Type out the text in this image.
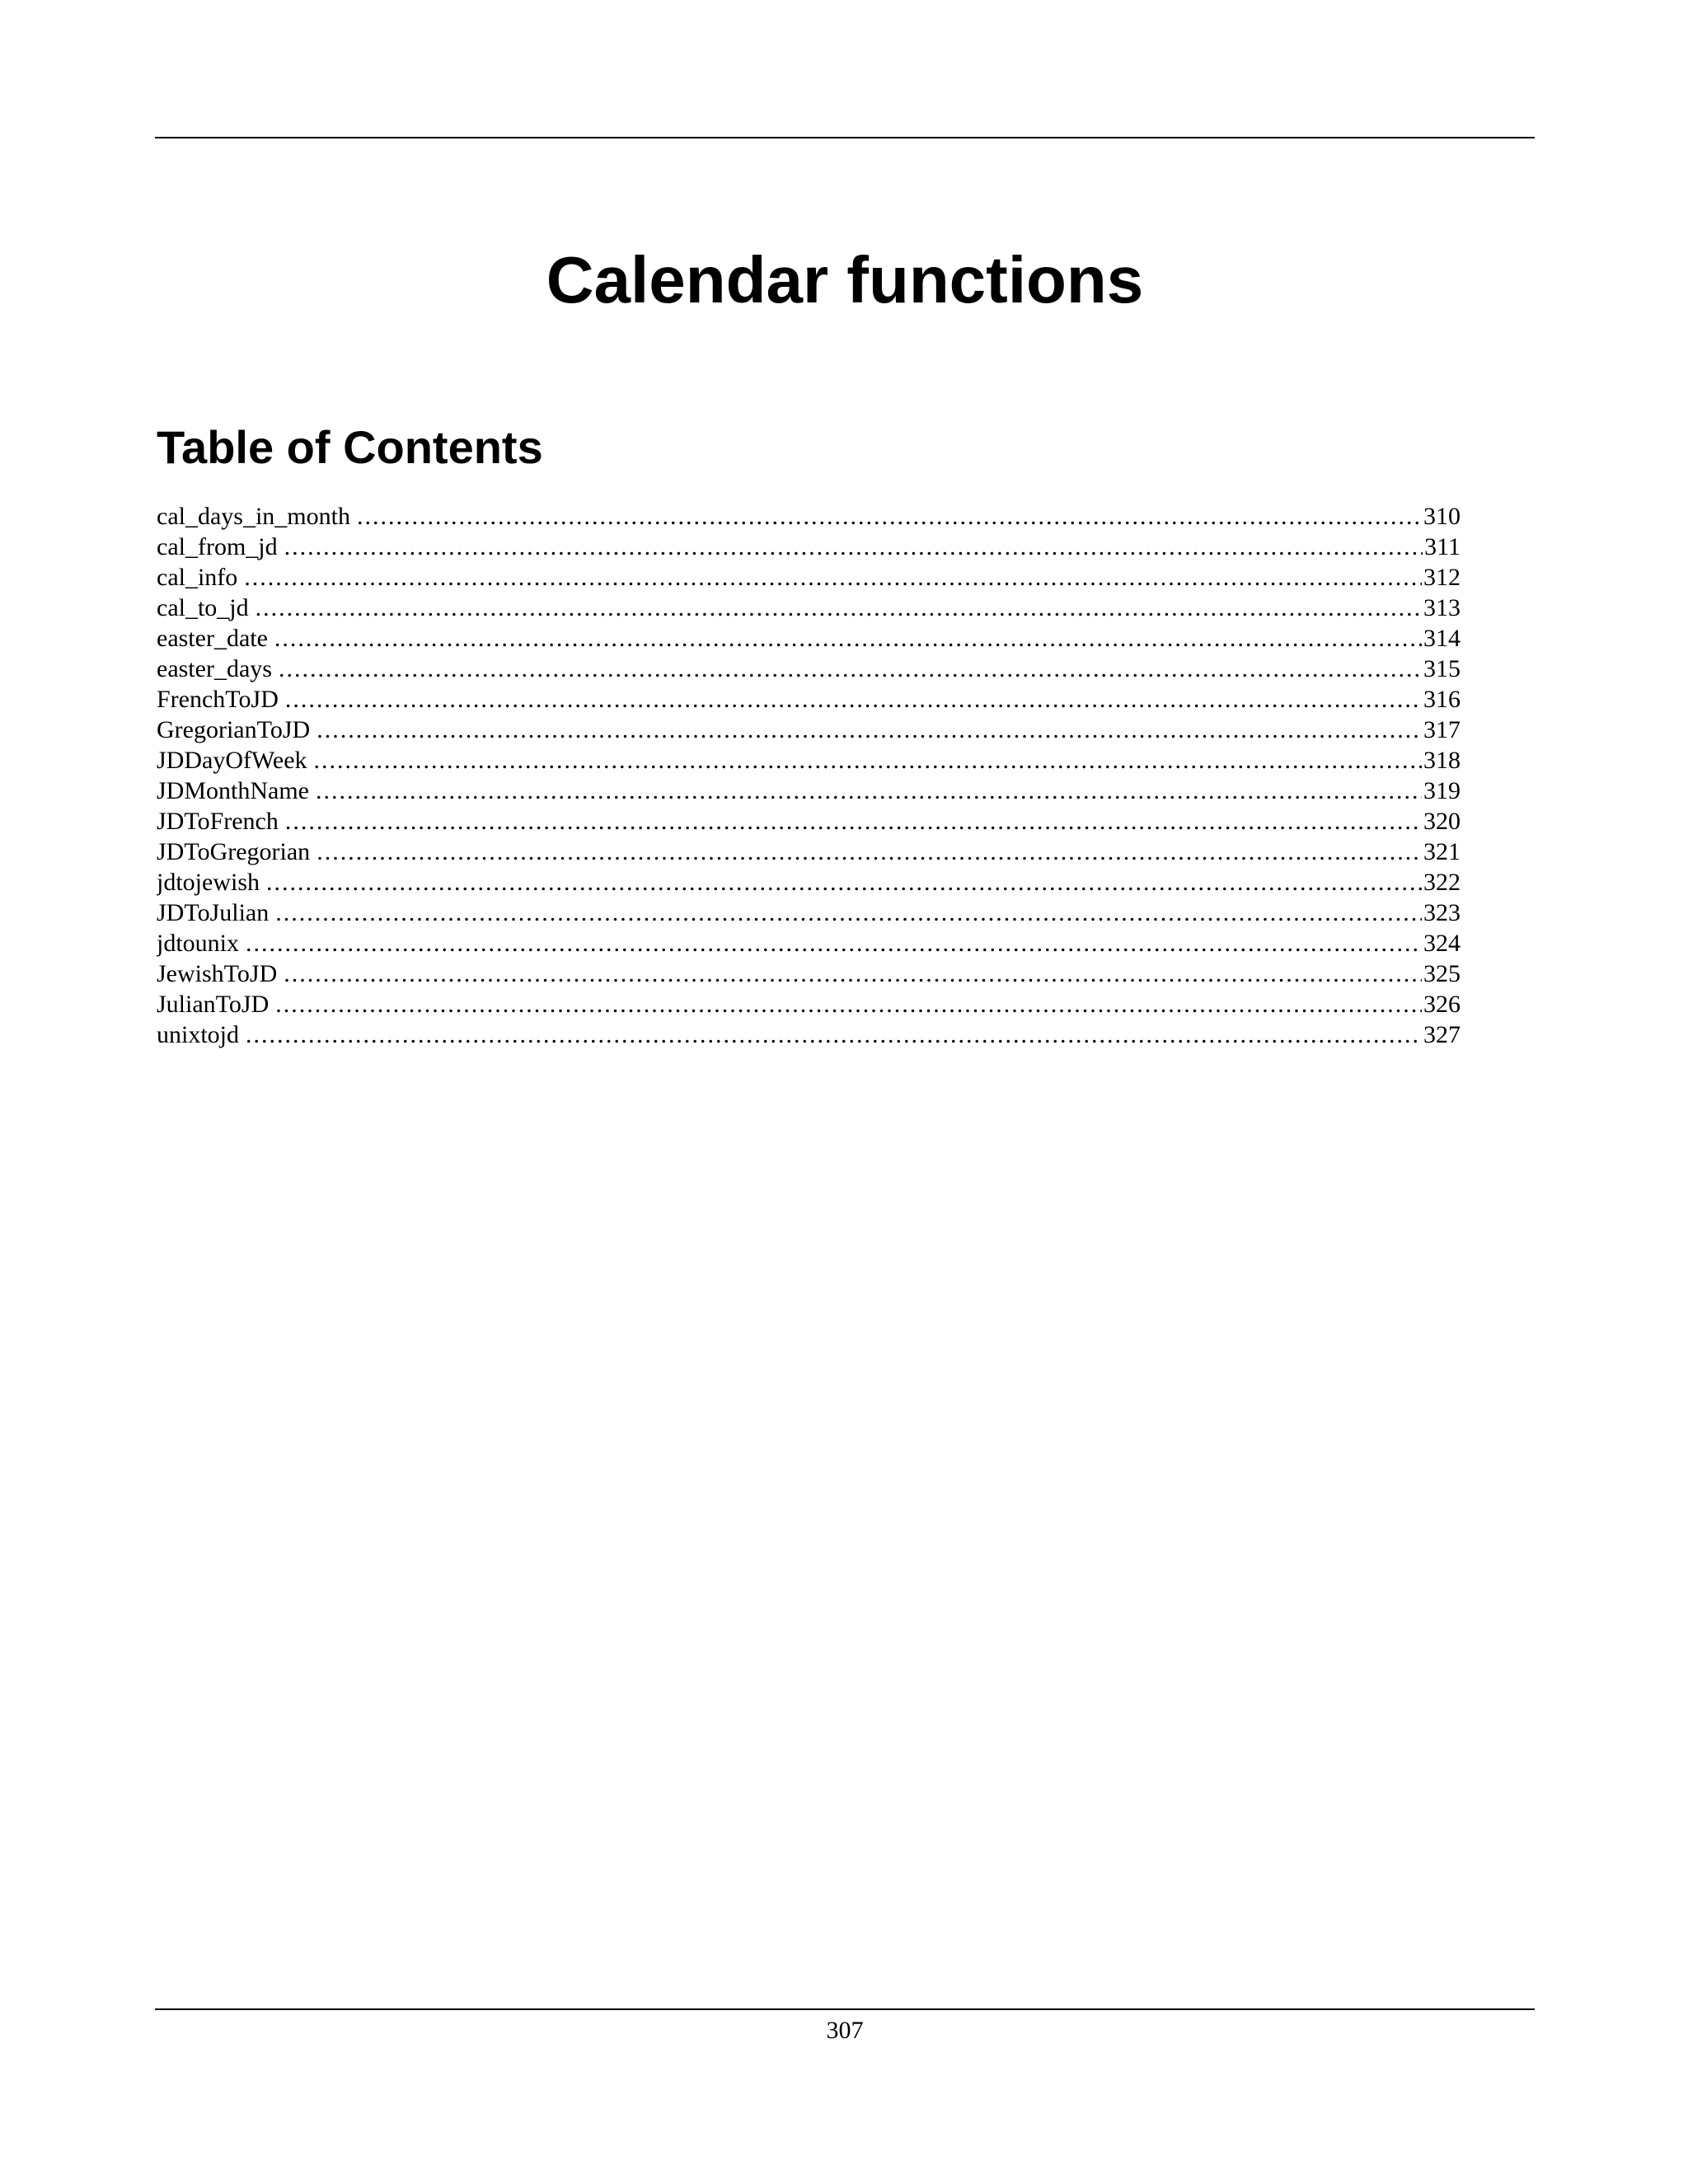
Calendar functions
Table of Contents
cal_days_in_month .....	310
cal_from_jd .....	311
cal_info .....	312
cal_to_jd .....	313
easter_date .....	314
easter_days .....	315
FrenchToJD .....	316
GregorianToJD .....	317
JDDayOfWeek .....	318
JDMonthName .....	319
JDToFrench .....	320
JDToGregorian .....	321
jdtojewish .....	322
JDToJulian .....	323
jdtounix .....	324
JewishToJD .....	325
JulianToJD .....	326
unixtojd .....	327
307
